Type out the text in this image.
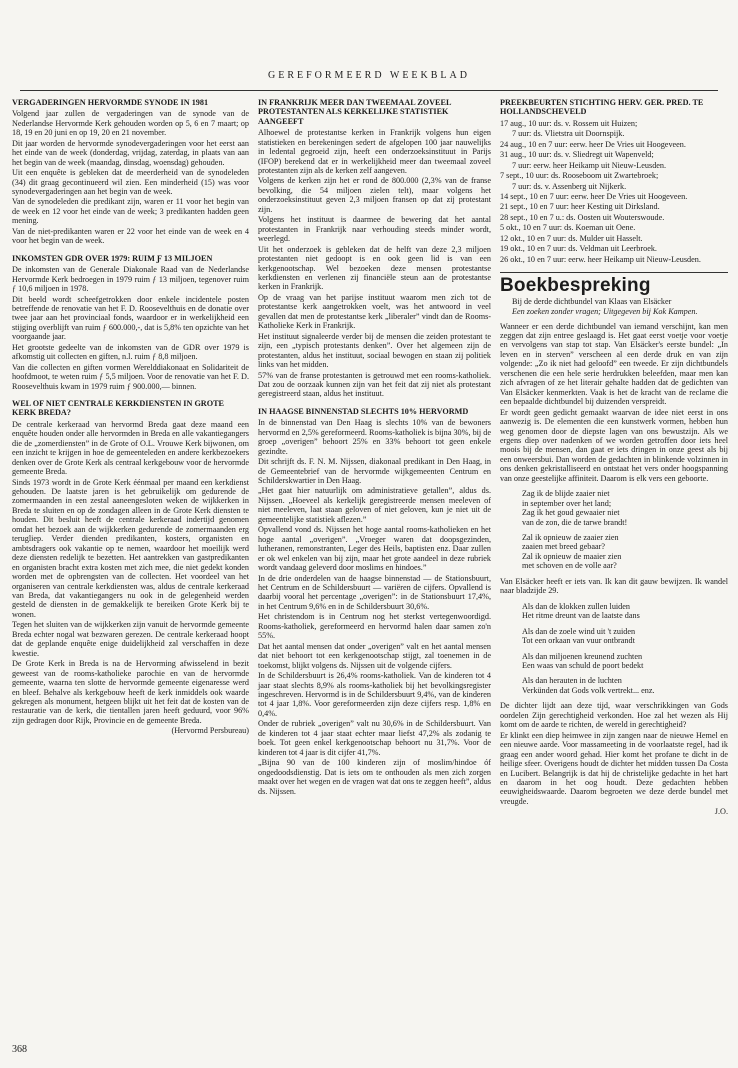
GEREFORMEERD WEEKBLAD
VERGADERINGEN HERVORMDE SYNODE IN 1981

Volgend jaar zullen de vergaderingen van de synode van de Nederlandse Hervormde Kerk gehouden worden op 5, 6 en 7 maart; op 18, 19 en 20 juni en op 19, 20 en 21 november.

Dit jaar worden de hervormde synodevergaderingen voor het eerst aan het einde van de week (donderdag, vrijdag, zaterdag, in plaats van aan het begin van de week (maandag, dinsdag, woensdag) gehouden.

Uit een enquête is gebleken dat de meerderheid van de synodeleden (34) dit graag gecontinueerd wil zien. Een minderheid (15) was voor synodevergaderingen aan het begin van de week.

Van de synodeleden die predikant zijn, waren er 11 voor het begin van de week en 12 voor het einde van de week; 3 predikanten hadden geen mening.

Van de niet-predikanten waren er 22 voor het einde van de week en 4 voor het begin van de week.

INKOMSTEN GDR OVER 1979: RUIM Ƒ 13 MILJOEN

De inkomsten van de Generale Diakonale Raad van de Nederlandse Hervormde Kerk bedroegen in 1979 ruim ƒ 13 miljoen, tegenover ruim ƒ 10,6 miljoen in 1978.

Dit beeld wordt scheefgetrokken door enkele incidentele posten betreffende de renovatie van het F. D. Roosevelthuis en de donatie over twee jaar aan het provinciaal fonds, waardoor er in werkelijkheid een stijging overblijft van ruim ƒ 600.000,-, dat is 5,8% ten opzichte van het voorgaande jaar.

Het grootste gedeelte van de inkomsten van de GDR over 1979 is afkomstig uit collecten en giften, n.l. ruim ƒ 8,8 miljoen.

Van die collecten en giften vormen Werelddiakonaat en Solidariteit de hoofdmoot, te weten ruim ƒ 5,5 miljoen. Voor de renovatie van het F. D. Roosevelthuis kwam in 1979 ruim ƒ 900.000,— binnen.

WEL OF NIET CENTRALE KERKDIENSTEN IN GROTE KERK BREDA?

De centrale kerkeraad van hervormd Breda gaat deze maand een enquête houden onder alle hervormden in Breda en alle vakantiegangers die de „zomerdiensten” in de Grote of O.L. Vrouwe Kerk bijwonen, om een inzicht te krijgen in hoe de gemeenteleden en andere kerkbezoekers denken over de Grote Kerk als centraal kerkgebouw voor de hervormde gemeente Breda.

Sinds 1973 wordt in de Grote Kerk éénmaal per maand een kerkdienst gehouden. De laatste jaren is het gebruikelijk om gedurende de zomermaanden in een zestal aaneengesloten weken de wijkkerken in Breda te sluiten en op de zondagen alleen in de Grote Kerk diensten te houden. Dit besluit heeft de centrale kerkeraad indertijd genomen omdat het bezoek aan de wijkkerken gedurende de zomermaanden erg terugliep. Verder dienden predikanten, kosters, organisten en ambtsdragers ook vakantie op te nemen, waardoor het moeilijk werd deze diensten redelijk te bezetten. Het aantrekken van gastpredikanten en organisten bracht extra kosten met zich mee, die niet gedekt konden worden met de opbrengsten van de collecten. Het voordeel van het organiseren van centrale kerkdiensten was, aldus de centrale kerkeraad van Breda, dat vakantiegangers nu ook in de gelegenheid werden gesteld de diensten in de gemakkelijk te bereiken Grote Kerk bij te wonen.

Tegen het sluiten van de wijkkerken zijn vanuit de hervormde gemeente Breda echter nogal wat bezwaren gerezen. De centrale kerkeraad hoopt dat de geplande enquête enige duidelijkheid zal verschaffen in deze kwestie.

De Grote Kerk in Breda is na de Hervorming afwisselend in bezit geweest van de rooms-katholieke parochie en van de hervormde gemeente, waarna ten slotte de hervormde gemeente eigenaresse werd en bleef. Behalve als kerkgebouw heeft de kerk inmiddels ook waarde gekregen als monument, hetgeen blijkt uit het feit dat de kosten van de restauratie van de kerk, die tientallen jaren heeft geduurd, voor 96% zijn gedragen door Rijk, Provincie en de gemeente Breda.

(Hervormd Persbureau)

IN FRANKRIJK MEER DAN TWEEMAAL ZOVEEL PROTESTANTEN ALS KERKELIJKE STATISTIEK AANGEEFT

Alhoewel de protestantse kerken in Frankrijk volgens hun eigen statistieken en berekeningen sedert de afgelopen 100 jaar nauwelijks in ledental gegroeid zijn, heeft een onderzoeksinstituut in Parijs (IFOP) berekend dat er in werkelijkheid meer dan tweemaal zoveel protestanten zijn als de kerken zelf aangeven.

Volgens de kerken zijn het er rond de 800.000 (2,3% van de franse bevolking, die 54 miljoen zielen telt), maar volgens het onderzoeksinstituut geven 2,3 miljoen fransen op dat zij protestant zijn.

Volgens het instituut is daarmee de bewering dat het aantal protestanten in Frankrijk naar verhouding steeds minder wordt, weerlegd.

Uit het onderzoek is gebleken dat de helft van deze 2,3 miljoen protestanten niet gedoopt is en ook geen lid is van een kerkgenootschap. Wel bezoeken deze mensen protestantse kerkdiensten en verlenen zij financiële steun aan de protestantse kerken in Frankrijk.

Op de vraag van het parijse instituut waarom men zich tot de protestantse kerk aangetrokken voelt, was het antwoord in veel gevallen dat men de protestantse kerk „liberaler” vindt dan de Rooms-Katholieke Kerk in Frankrijk.

Het instituut signaleerde verder bij de mensen die zeiden protestant te zijn, een „typisch protestants denken”. Over het algemeen zijn de protestanten, aldus het instituut, sociaal bewogen en staan zij politiek links van het midden.

57% van de franse protestanten is getrouwd met een rooms-katholiek. Dat zou de oorzaak kunnen zijn van het feit dat zij niet als protestant geregistreerd staan, aldus het instituut.

IN HAAGSE BINNENSTAD SLECHTS 10% HERVORMD

In de binnenstad van Den Haag is slechts 10% van de bewoners hervormd en 2,5% gereformeerd. Rooms-katholiek is bijna 30%, bij de groep „overigen” behoort 25% en 33% behoort tot geen enkele gezindte.

Dit schrijft ds. F. N. M. Nijssen, diakonaal predikant in Den Haag, in de Gemeentebrief van de hervormde wijkgemeenten Centrum en Schilderskwartier in Den Haag.

„Het gaat hier natuurlijk om administratieve getallen”, aldus ds. Nijssen. „Hoeveel als kerkelijk geregistreerde mensen meeleven of niet meeleven, laat staan geloven of niet geloven, kun je niet uit de gemeentelijke statistiek aflezen.”

Opvallend vond ds. Nijssen het hoge aantal rooms-katholieken en het hoge aantal „overigen”. „Vroeger waren dat doopsgezinden, lutheranen, remonstranten, Leger des Heils, baptisten enz. Daar zullen er ok wel enkelen van bij zijn, maar het grote aandeel in deze rubriek wordt vandaag geleverd door moslims en hindoes.”

In de drie onderdelen van de haagse binnenstad — de Stationsbuurt, het Centrum en de Schildersbuurt — variëren de cijfers. Opvallend is daarbij vooral het percentage „overigen”: in de Stationsbuurt 17,4%, in het Centrum 9,6% en in de Schildersbuurt 30,6%.

Het christendom is in Centrum nog het sterkst vertegenwoordigd. Rooms-katholiek, gereformeerd en hervormd halen daar samen zo'n 55%.

Dat het aantal mensen dat onder „overigen” valt en het aantal mensen dat niet behoort tot een kerkgenootschap stijgt, zal toenemen in de toekomst, blijkt volgens ds. Nijssen uit de volgende cijfers.

In de Schildersbuurt is 26,4% rooms-katholiek. Van de kinderen tot 4 jaar staat slechts 8,9% als rooms-katholiek bij het bevolkingsregister ingeschreven. Hervormd is in de Schildersbuurt 9,4%, van de kinderen tot 4 jaar 1,8%. Voor gereformeerden zijn deze cijfers resp. 1,8% en 0,4%.

Onder de rubriek „overigen” valt nu 30,6% in de Schildersbuurt. Van de kinderen tot 4 jaar staat echter maar liefst 47,2% als zodanig te boek. Tot geen enkel kerkgenootschap behoort nu 31,7%. Voor de kinderen tot 4 jaar is dit cijfer 41,7%.

„Bijna 90 van de 100 kinderen zijn of moslim/hindoe óf ongedoodsdienstig. Dat is iets om te onthouden als men zich zorgen maakt over het wegen en de vragen wat dat ons te zeggen heeft”, aldus ds. Nijssen.

PREEKBEURTEN STICHTING HERV. GER. PRED. TE HOLLANDSCHEVELD

17 aug., 10 uur: ds. v. Rossem uit Huizen;

7 uur: ds. Vlietstra uit Doornspijk.

24 aug., 10 en 7 uur: eerw. heer De Vries uit Hoogeveen.

31 aug., 10 uur: ds. v. Sliedregt uit Wapenveld;

7 uur: eerw. heer Heikamp uit Nieuw-Leusden.

7 sept., 10 uur: ds. Rooseboom uit Zwartebroek;

7 uur: ds. v. Assenberg uit Nijkerk.

14 sept., 10 en 7 uur: eerw. heer De Vries uit Hoogeveen.

21 sept., 10 en 7 uur: heer Kesting uit Dirksland.

28 sept., 10 en 7 u.: ds. Oosten uit Wouterswoude.

5 okt., 10 en 7 uur: ds. Koeman uit Oene.

12 okt., 10 en 7 uur: ds. Mulder uit Hasselt.

19 okt., 10 en 7 uur: ds. Veldman uit Leerbroek.

26 okt., 10 en 7 uur: eerw. heer Heikamp uit Nieuw-Leusden.

Boekbespreking

Bij de derde dichtbundel van Klaas van Elsäcker

Een zoeken zonder vragen; Uitgegeven bij Kok Kampen.

Wanneer er een derde dichtbundel van iemand verschijnt, kan men zeggen dat zijn entree geslaagd is. Het gaat eerst voetje voor voetje en vervolgens van stap tot stap. Van Elsäcker's eerste bundel: „In leven en in sterven” verscheen al een derde druk en van zijn volgende: „Zo ik niet had geloofd” een tweede. Er zijn dichtbundels verschenen die een hele serie herdrukken beleefden, maar men kan zich afvragen of ze het literair gehalte hadden dat de gedichten van Van Elsäcker kenmerkten. Vaak is het de kracht van de reclame die een bepaalde dichtbundel bij duizenden verspreidt.

Er wordt geen gedicht gemaakt waarvan de idee niet eerst in ons aanwezig is. De elementen die een kunstwerk vormen, hebben hun weg genomen door de diepste lagen van ons bewustzijn. Als we ergens diep over nadenken of we worden getroffen door iets heel moois bij de mensen, dan gaat er iets dringen in onze geest als bij een onweersbui. Dan worden de gedachten in blinkende volzinnen in ons denken gekristalliseerd en ontstaat het vers onder hoogspanning van onze geestelijke affiniteit. Daarom is elk vers een geboorte.

Zag ik de blijde zaaier niet
in september over het land;
Zag ik het goud gewaaier niet
van de zon, die de tarwe brandt!
Zal ik opnieuw de zaaier zien
zaaien met breed gebaar?
Zal ik opnieuw de maaier zien
met schoven en de volle aar?

Van Elsäcker heeft er iets van. Ik kan dit gauw bewijzen. Ik wandel naar bladzijde 29.

Als dan de klokken zullen luiden
Het ritme dreunt van de laatste dans
Als dan de zoele wind uit 't zuiden
Tot een orkaan van vuur ontbrandt
Als dan miljoenen kreunend zuchten
Een waas van schuld de poort bedekt
Als dan herauten in de luchten
Verkünden dat Gods volk vertrekt... enz.

De dichter lijdt aan deze tijd, waar verschrikkingen van Gods oordelen Zijn gerechtigheid verkonden. Hoe zal het wezen als Hij komt om de aarde te richten, de wereld in gerechtigheid?

Er klinkt een diep heimwee in zijn zangen naar de nieuwe Hemel en een nieuwe aarde. Voor massameeting in de voorlaatste regel, had ik graag een ander woord gehad. Hier komt het profane te dicht in de heilige sfeer. Overigens houdt de dichter het midden tussen Da Costa en Lucibert. Belangrijk is dat hij de christelijke gedachte in het hart en daarom in het oog houdt. Deze gedachten hebben eeuwigheidswaarde. Daarom begroeten we deze derde bundel met vreugde.

J.O.

368
